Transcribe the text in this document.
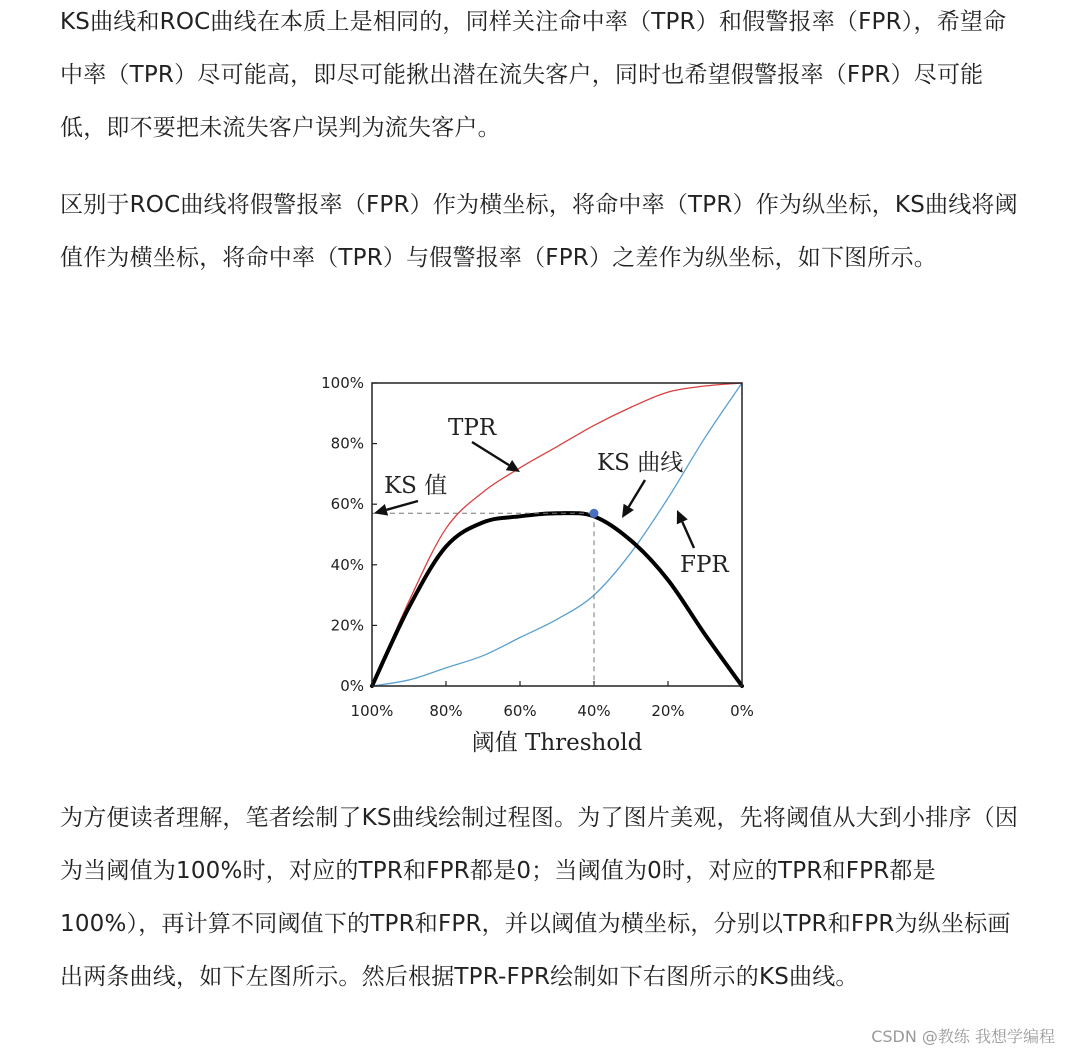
KS曲线和ROC曲线在本质上是相同的，同样关注命中率（TPR）和假警报率（FPR），希望命中率（TPR）尽可能高，即尽可能揪出潜在流失客户，同时也希望假警报率（FPR）尽可能低，即不要把未流失客户误判为流失客户。

区别于ROC曲线将假警报率（FPR）作为横坐标，将命中率（TPR）作为纵坐标，KS曲线将阈值作为横坐标，将命中率（TPR）与假警报率（FPR）之差作为纵坐标，如下图所示。

0%
20%
40%
60%
80%
100%
100% 80%	60%	40%	20%	0%
TPR
KS 曲线
KS 值
FPR
阈值 Threshold

为方便读者理解，笔者绘制了KS曲线绘制过程图。为了图片美观，先将阈值从大到小排序（因为当阈值为100%时，对应的TPR和FPR都是0；当阈值为0时，对应的TPR和FPR都是100%），再计算不同阈值下的TPR和FPR，并以阈值为横坐标，分别以TPR和FPR为纵坐标画出两条曲线，如下左图所示。然后根据TPR-FPR绘制如下右图所示的KS曲线。

CSDN @教练 我想学编程
